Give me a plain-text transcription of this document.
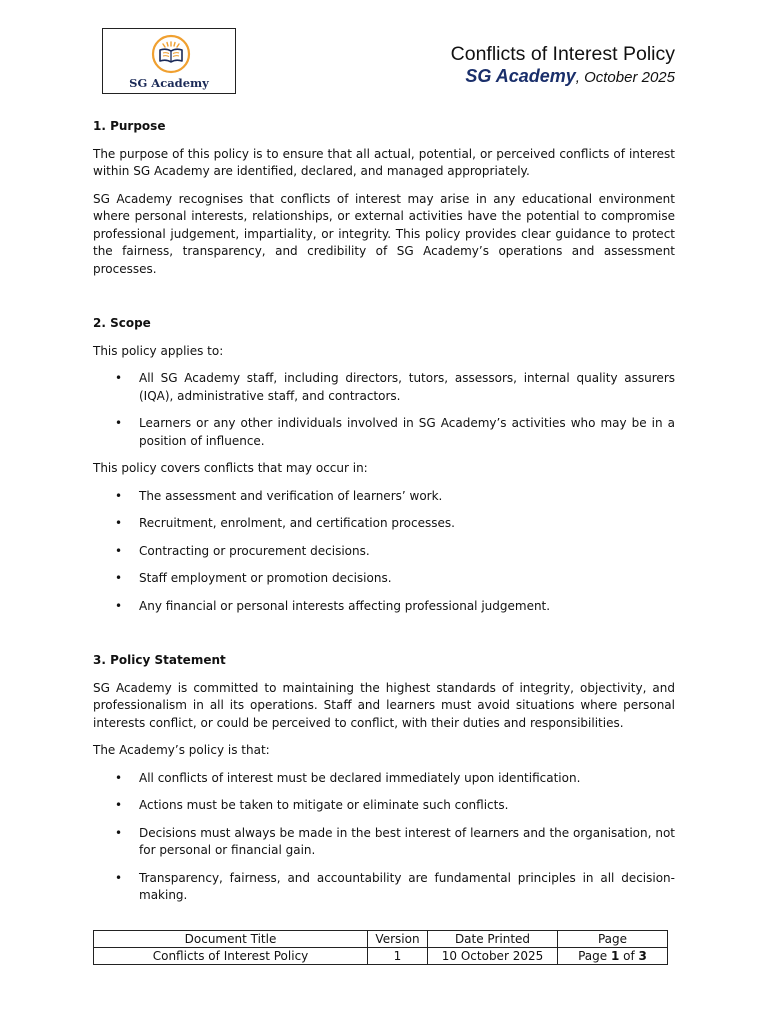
SG Academy
Conflicts of Interest Policy
SG Academy, October 2025
1. Purpose

The purpose of this policy is to ensure that all actual, potential, or perceived conflicts of interest within SG Academy are identified, declared, and managed appropriately.

SG Academy recognises that conflicts of interest may arise in any educational environment where personal interests, relationships, or external activities have the potential to compromise professional judgement, impartiality, or integrity. This policy provides clear guidance to protect the fairness, transparency, and credibility of SG Academy’s operations and assessment processes.

2. Scope

This policy applies to:

• All SG Academy staff, including directors, tutors, assessors, internal quality assurers (IQA), administrative staff, and contractors.
• Learners or any other individuals involved in SG Academy’s activities who may be in a position of influence.

This policy covers conflicts that may occur in:

• The assessment and verification of learners’ work.
• Recruitment, enrolment, and certification processes.
• Contracting or procurement decisions.
• Staff employment or promotion decisions.
• Any financial or personal interests affecting professional judgement.
3. Policy Statement

SG Academy is committed to maintaining the highest standards of integrity, objectivity, and professionalism in all its operations. Staff and learners must avoid situations where personal interests conflict, or could be perceived to conflict, with their duties and responsibilities.

The Academy’s policy is that:

• All conflicts of interest must be declared immediately upon identification.
• Actions must be taken to mitigate or eliminate such conflicts.
• Decisions must always be made in the best interest of learners and the organisation, not for personal or financial gain.
• Transparency, fairness, and accountability are fundamental principles in all decision-making.
Document Title	Version	Date Printed	Page
Conflicts of Interest Policy	1	10 October 2025	Page 1 of 3
